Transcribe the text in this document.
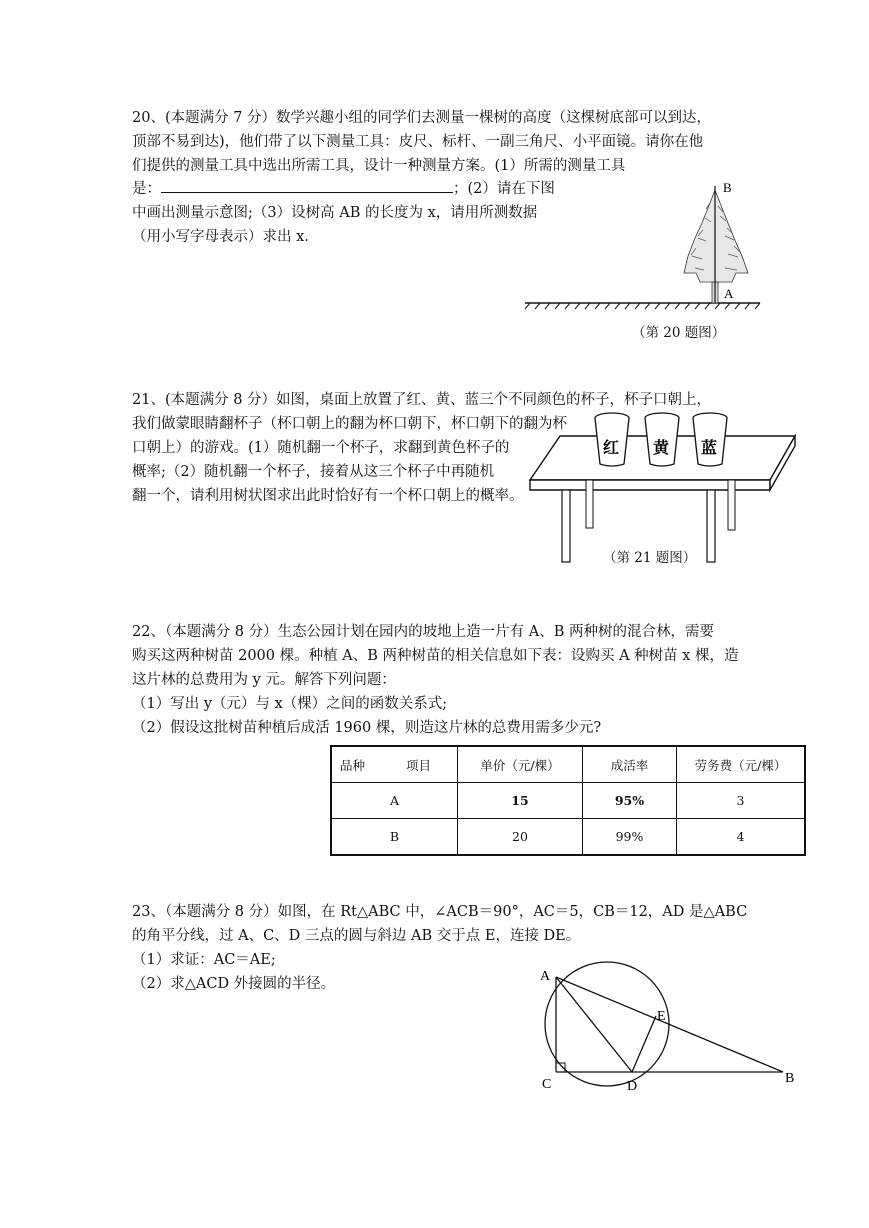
20、(本题满分 7 分）数学兴趣小组的同学们去测量一棵树的高度（这棵树底部可以到达，
顶部不易到达)，他们带了以下测量工具：皮尺、标杆、一副三角尺、小平面镜。请你在他
们提供的测量工具中选出所需工具，设计一种测量方案。(1）所需的测量工具
是：	；(2）请在下图
中画出测量示意图;（3）设树高 AB 的长度为 x，请用所测数据
（用小写字母表示）求出 x.
B
A
（第 20 题图）
21、(本题满分 8 分）如图，桌面上放置了红、黄、蓝三个不同颜色的杯子，杯子口朝上，
我们做蒙眼睛翻杯子（杯口朝上的翻为杯口朝下，杯口朝下的翻为杯
口朝上）的游戏。(1）随机翻一个杯子，求翻到黄色杯子的
概率;（2）随机翻一个杯子，接着从这三个杯子中再随机
翻一个，请利用树状图求出此时恰好有一个杯口朝上的概率。
红 黄 蓝
（第 21 题图）
22、（本题满分 8 分）生态公园计划在园内的坡地上造一片有 A、B 两种树的混合林，需要
购买这两种树苗 2000 棵。种植 A、B 两种树苗的相关信息如下表：设购买 A 种树苗 x 棵，造
这片林的总费用为 y 元。解答下列问题：
（1）写出 y（元）与 x（棵）之间的函数关系式;
（2）假设这批树苗种植后成活 1960 棵，则造这片林的总费用需多少元?
品种 项目	单价（元/棵）	成活率	劳务费（元/棵）
A	15	95%	3
B	20	99%	4
23、（本题满分 8 分）如图，在 Rt△ABC 中，∠ACB＝90°，AC＝5，CB＝12，AD 是△ABC
的角平分线，过 A、C、D 三点的圆与斜边 AB 交于点 E，连接 DE。
（1）求证：AC＝AE;
（2）求△ACD 外接圆的半径。	A
E
C	D
B
